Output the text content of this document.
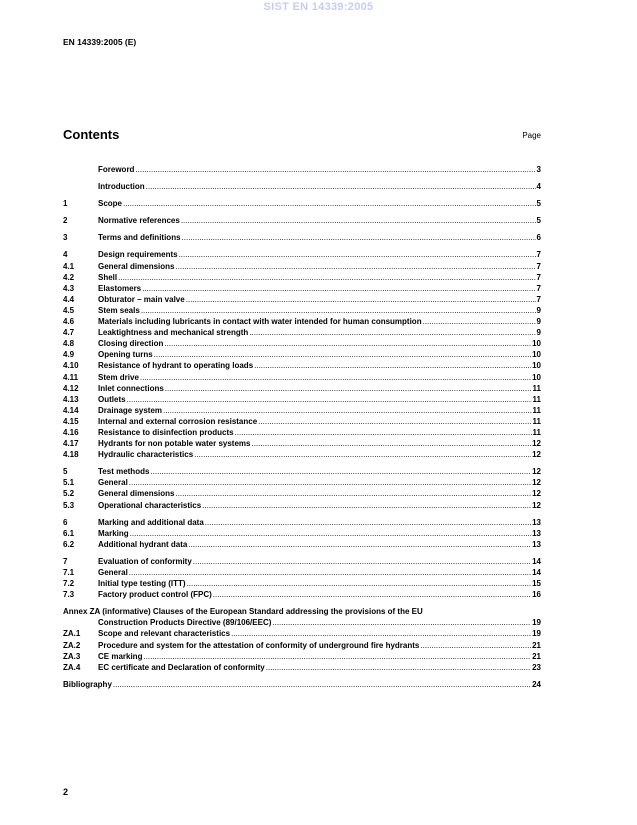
SIST EN 14339:2005
EN 14339:2005 (E)
Contents	Page
Foreword .....	3
Introduction .....	4
1	Scope .....	5
2	Normative references .....	5
3	Terms and definitions .....	6
4	Design requirements .....	7
4.1	General dimensions .....	7
4.2	Shell .....	7
4.3	Elastomers .....	7
4.4	Obturator – main valve .....	7
4.5	Stem seals .....	9
4.6	Materials including lubricants in contact with water intended for human consumption .....	9
4.7	Leaktightness and mechanical strength .....	9
4.8	Closing direction .....	10
4.9	Opening turns .....	10
4.10	Resistance of hydrant to operating loads .....	10
4.11	Stem drive .....	10
4.12	Inlet connections .....	11
4.13	Outlets .....	11
4.14	Drainage system .....	11
4.15	Internal and external corrosion resistance .....	11
4.16	Resistance to disinfection products .....	11
4.17	Hydrants for non potable water systems .....	12
4.18	Hydraulic characteristics .....	12
5	Test methods .....	12
5.1	General .....	12
5.2	General dimensions .....	12
5.3	Operational characteristics .....	12
6	Marking and additional data .....	13
6.1	Marking .....	13
6.2	Additional hydrant data .....	13
7	Evaluation of conformity .....	14
7.1	General .....	14
7.2	Initial type testing (ITT) .....	15
7.3	Factory product control (FPC) .....	16
Annex ZA (informative) Clauses of the European Standard addressing the provisions of the EU
Construction Products Directive (89/106/EEC) .....	19
ZA.1	Scope and relevant characteristics .....	19
ZA.2	Procedure and system for the attestation of conformity of underground fire hydrants .....	21
ZA.3	CE marking .....	21
ZA.4	EC certificate and Declaration of conformity .....	23
Bibliography .....	24
2
